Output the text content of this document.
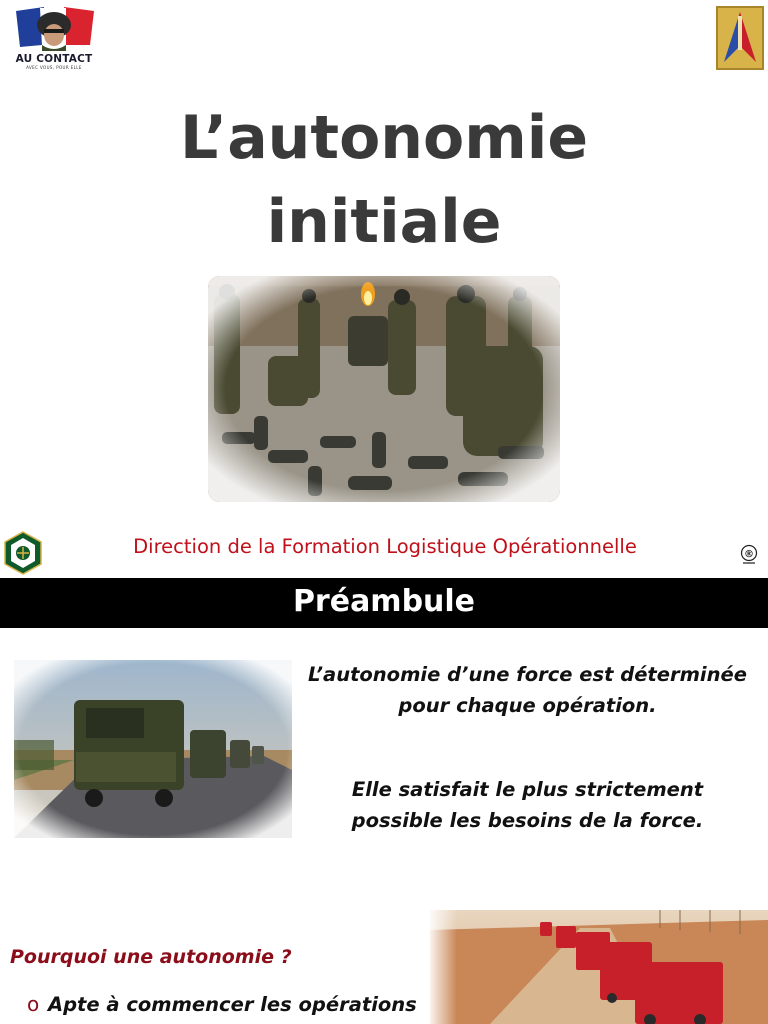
AU CONTACT
AVEC VOUS, POUR ELLE
L’autonomie
initiale
Direction de la Formation Logistique Opérationnelle	®
Préambule
L’autonomie d’une force est déterminée pour chaque opération.
Elle satisfait le plus strictement possible les besoins de la force.
Pourquoi une autonomie ?
o Apte à commencer les opérations
